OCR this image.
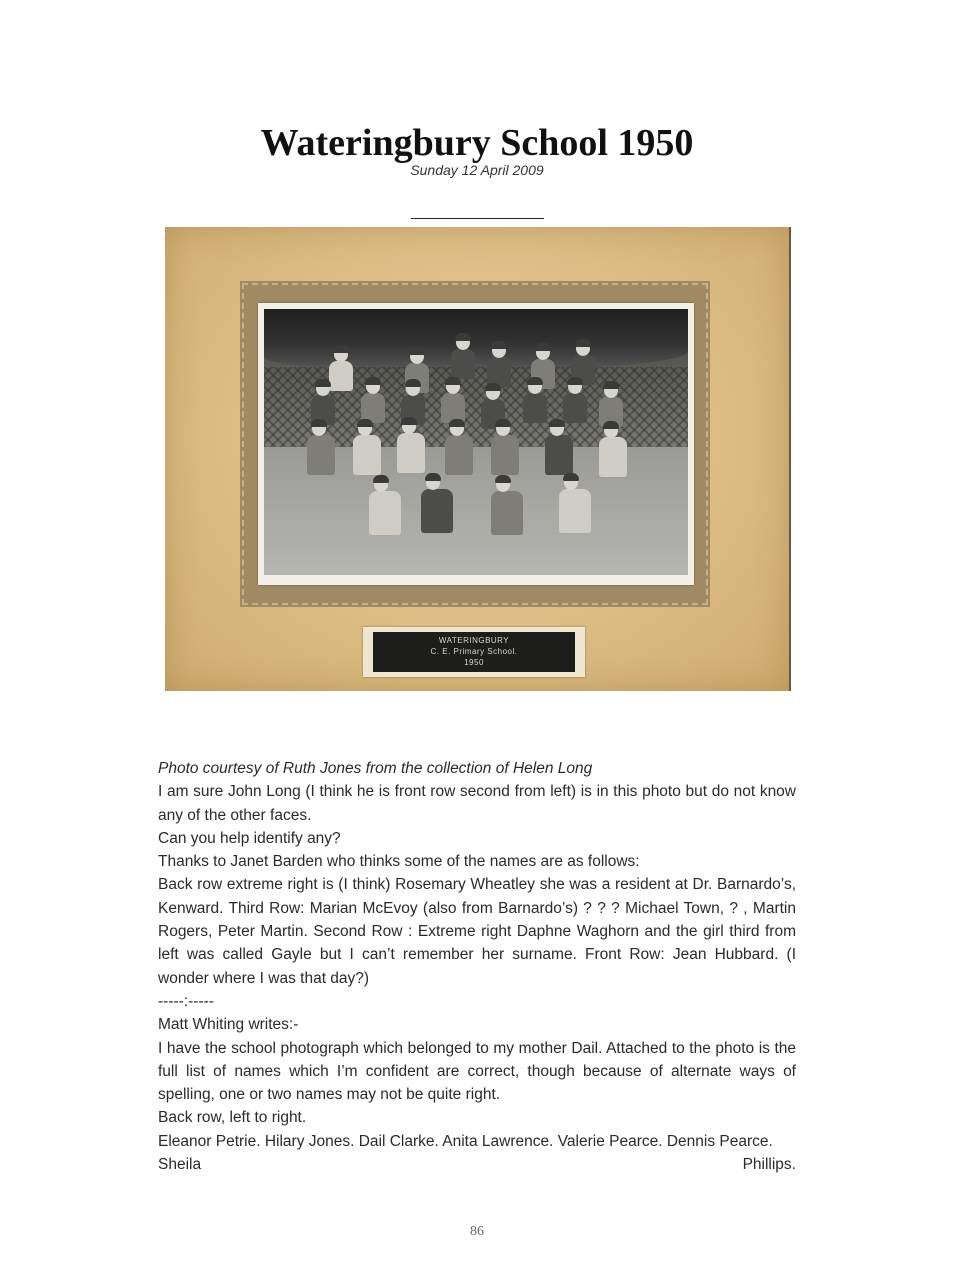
Wateringbury School 1950
Sunday 12 April 2009
WATERINGBURY
C. E. Primary School.
1950

Photo courtesy of Ruth Jones from the collection of Helen Long

I am sure John Long (I think he is front row second from left) is in this photo but do not know any of the other faces.

Can you help identify any?

Thanks to Janet Barden who thinks some of the names are as follows:

Back row extreme right is (I think) Rosemary Wheatley she was a resident at Dr. Barnardo’s, Kenward. Third Row: Marian McEvoy (also from Barnardo’s) ? ? ? Michael Town, ? , Martin Rogers, Peter Martin. Second Row : Extreme right Daphne Waghorn and the girl third from left was called Gayle but I can’t remember her surname. Front Row: Jean Hubbard. (I wonder where I was that day?)

-----:-----

Matt Whiting writes:-

I have the school photograph which belonged to my mother Dail. Attached to the photo is the full list of names which I’m confident are correct, though because of alternate ways of spelling, one or two names may not be quite right.

Back row, left to right.

Eleanor Petrie. Hilary Jones. Dail Clarke. Anita Lawrence. Valerie Pearce. Dennis Pearce.

Sheila	Phillips.

86
